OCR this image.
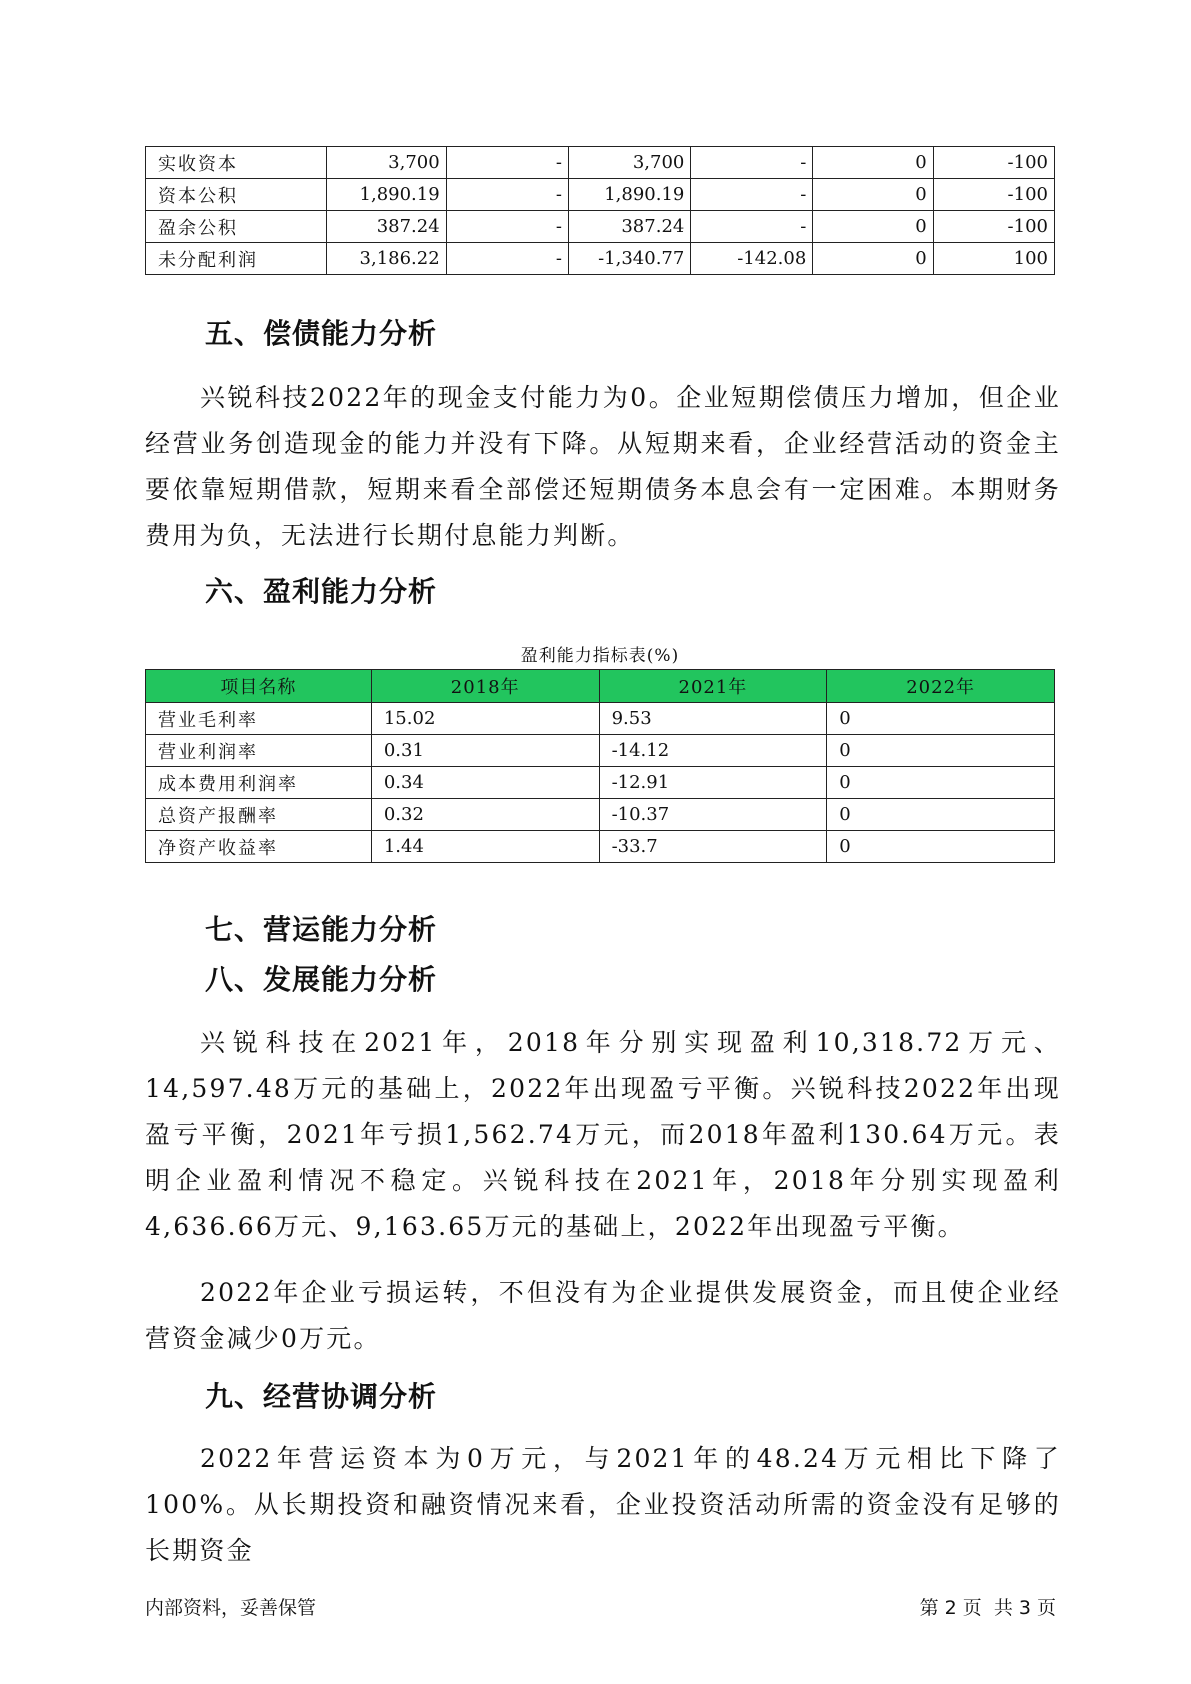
实收资本	3,700	-	3,700	-	0	-100
资本公积	1,890.19	-	1,890.19	-	0	-100
盈余公积	387.24	-	387.24	-	0	-100
未分配利润	3,186.22	-	-1,340.77	-142.08	0	100
五、偿债能力分析

兴锐科技2022年的现金支付能力为0。企业短期偿债压力增加，但企业经营业务创造现金的能力并没有下降。从短期来看，企业经营活动的资金主要依靠短期借款，短期来看全部偿还短期债务本息会有一定困难。本期财务费用为负，无法进行长期付息能力判断。

六、盈利能力分析
盈利能力指标表(%)
项目名称	2018年	2021年	2022年
营业毛利率	15.02	9.53	0
营业利润率	0.31	-14.12	0
成本费用利润率	0.34	-12.91	0
总资产报酬率	0.32	-10.37	0
净资产收益率	1.44	-33.7	0
七、营运能力分析
八、发展能力分析

兴锐科技在2021年，2018年分别实现盈利10,318.72万元、14,597.48万元的基础上，2022年出现盈亏平衡。兴锐科技2022年出现盈亏平衡，2021年亏损1,562.74万元，而2018年盈利130.64万元。表明企业盈利情况不稳定。兴锐科技在2021年，2018年分别实现盈利4,636.66万元、9,163.65万元的基础上，2022年出现盈亏平衡。

2022年企业亏损运转，不但没有为企业提供发展资金，而且使企业经营资金减少0万元。

九、经营协调分析

2022年营运资本为0万元，与2021年的48.24万元相比下降了100%。从长期投资和融资情况来看，企业投资活动所需的资金没有足够的长期资金

内部资料，妥善保管	第 2 页  共 3 页
